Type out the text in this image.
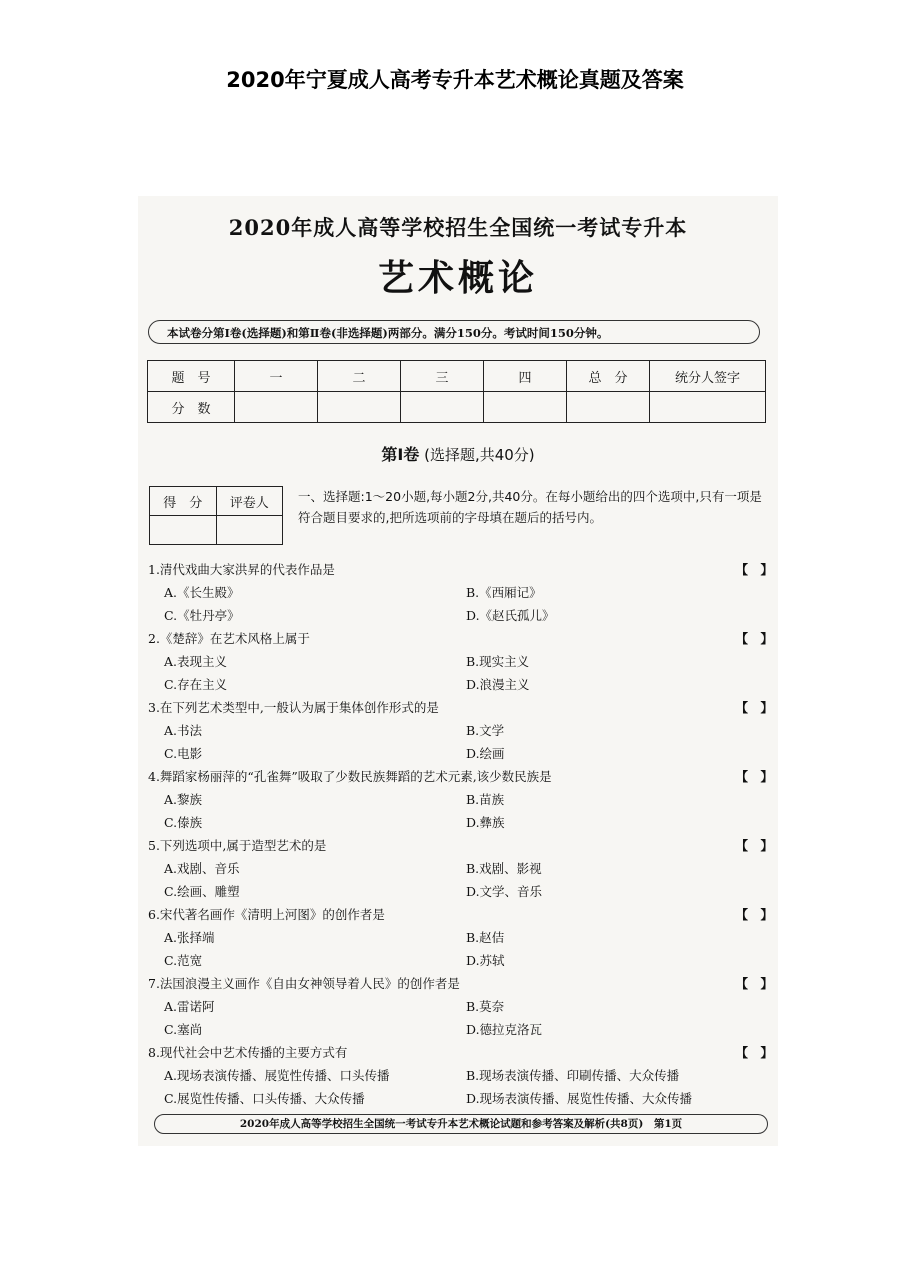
2020年宁夏成人高考专升本艺术概论真题及答案
2020年成人高等学校招生全国统一考试专升本
艺术概论
本试卷分第Ⅰ卷(选择题)和第Ⅱ卷(非选择题)两部分。满分150分。考试时间150分钟。
题　号	一	二	三	四	总　分	统分人签字
分　数						
第Ⅰ卷 (选择题,共40分)
得　分	评卷人
	一、选择题:1～20小题,每小题2分,共40分。在每小题给出的四个选项中,只有一项是符合题目要求的,把所选项前的字母填在题后的括号内。
1.清代戏曲大家洪昇的代表作品是	【　】
A.《长生殿》	B.《西厢记》
C.《牡丹亭》	D.《赵氏孤儿》
2.《楚辞》在艺术风格上属于	【　】
A.表现主义	B.现实主义
C.存在主义	D.浪漫主义
3.在下列艺术类型中,一般认为属于集体创作形式的是	【　】
A.书法	B.文学
C.电影	D.绘画
4.舞蹈家杨丽萍的“孔雀舞”吸取了少数民族舞蹈的艺术元素,该少数民族是	【　】
A.黎族	B.苗族
C.傣族	D.彝族
5.下列选项中,属于造型艺术的是	【　】
A.戏剧、音乐	B.戏剧、影视
C.绘画、雕塑	D.文学、音乐
6.宋代著名画作《清明上河图》的创作者是	【　】
A.张择端	B.赵佶
C.范宽	D.苏轼
7.法国浪漫主义画作《自由女神领导着人民》的创作者是	【　】
A.雷诺阿	B.莫奈
C.塞尚	D.德拉克洛瓦
8.现代社会中艺术传播的主要方式有	【　】
A.现场表演传播、展览性传播、口头传播	B.现场表演传播、印刷传播、大众传播
C.展览性传播、口头传播、大众传播	D.现场表演传播、展览性传播、大众传播
2020年成人高等学校招生全国统一考试专升本艺术概论试题和参考答案及解析(共8页)　第1页
